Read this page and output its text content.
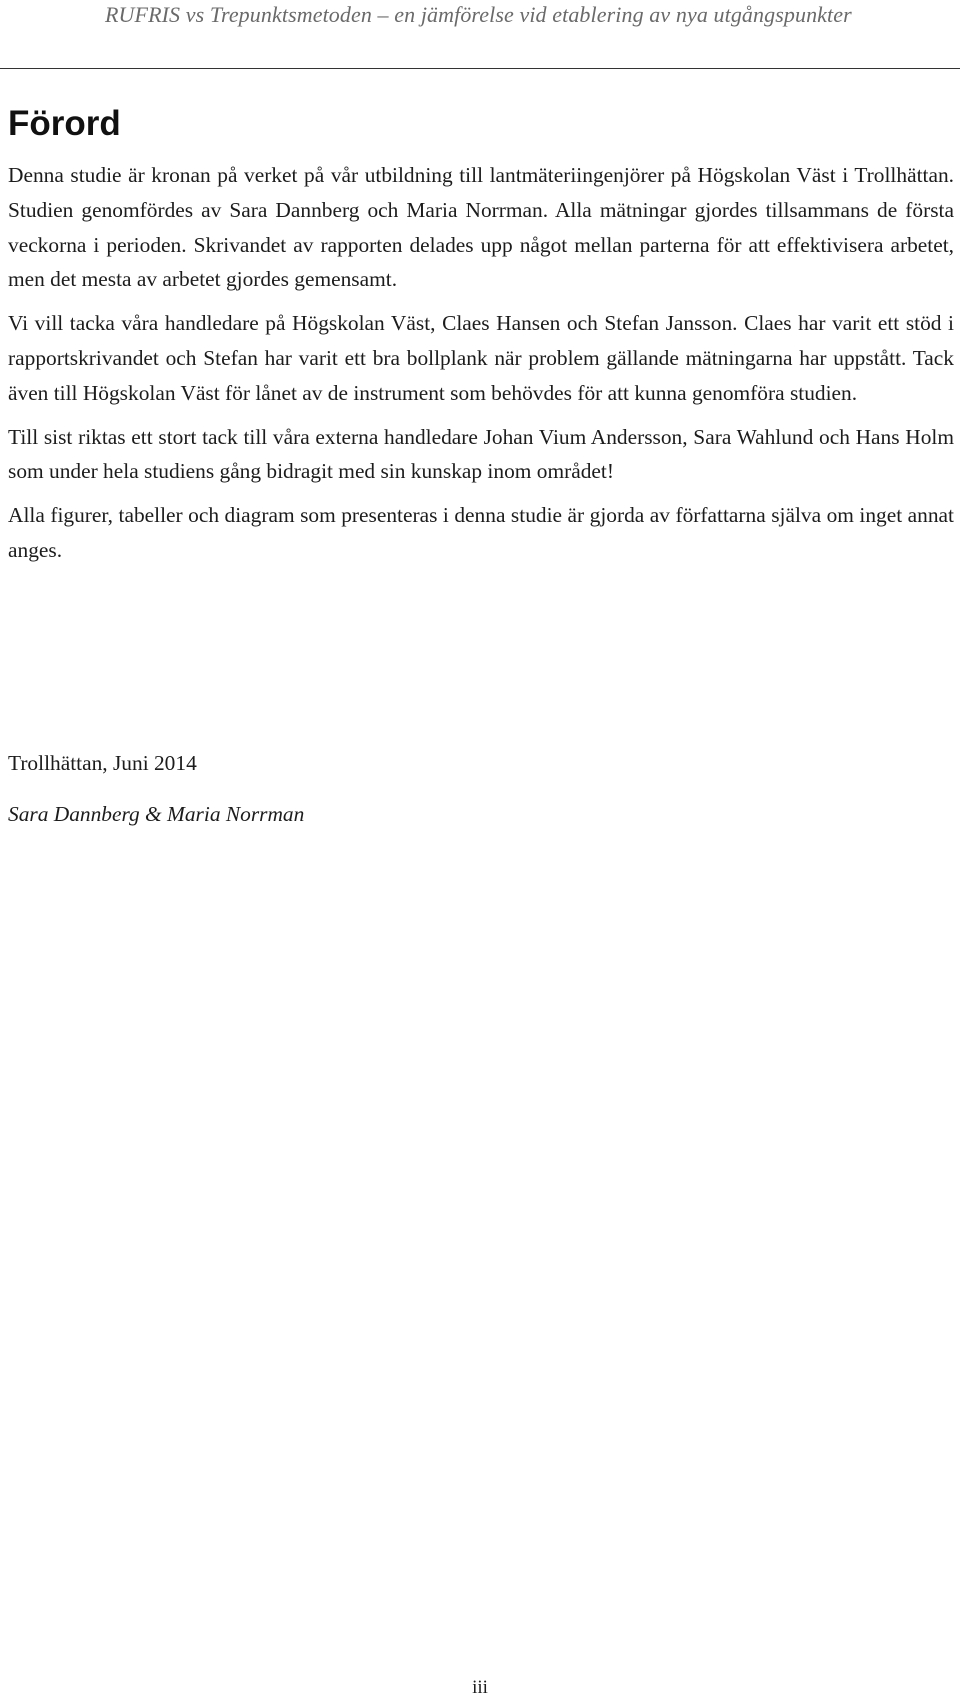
RUFRIS vs Trepunktsmetoden – en jämförelse vid etablering av nya utgångspunkter
Förord

Denna studie är kronan på verket på vår utbildning till lantmäteriingenjörer på Högskolan Väst i Trollhättan. Studien genomfördes av Sara Dannberg och Maria Norrman. Alla mätningar gjordes tillsammans de första veckorna i perioden. Skrivandet av rapporten delades upp något mellan parterna för att effektivisera arbetet, men det mesta av arbetet gjordes gemensamt.

Vi vill tacka våra handledare på Högskolan Väst, Claes Hansen och Stefan Jansson. Claes har varit ett stöd i rapportskrivandet och Stefan har varit ett bra bollplank när problem gällande mätningarna har uppstått. Tack även till Högskolan Väst för lånet av de instrument som behövdes för att kunna genomföra studien.

Till sist riktas ett stort tack till våra externa handledare Johan Vium Andersson, Sara Wahlund och Hans Holm som under hela studiens gång bidragit med sin kunskap inom området!

Alla figurer, tabeller och diagram som presenteras i denna studie är gjorda av författarna själva om inget annat anges.

Trollhättan, Juni 2014
Sara Dannberg & Maria Norrman
iii
